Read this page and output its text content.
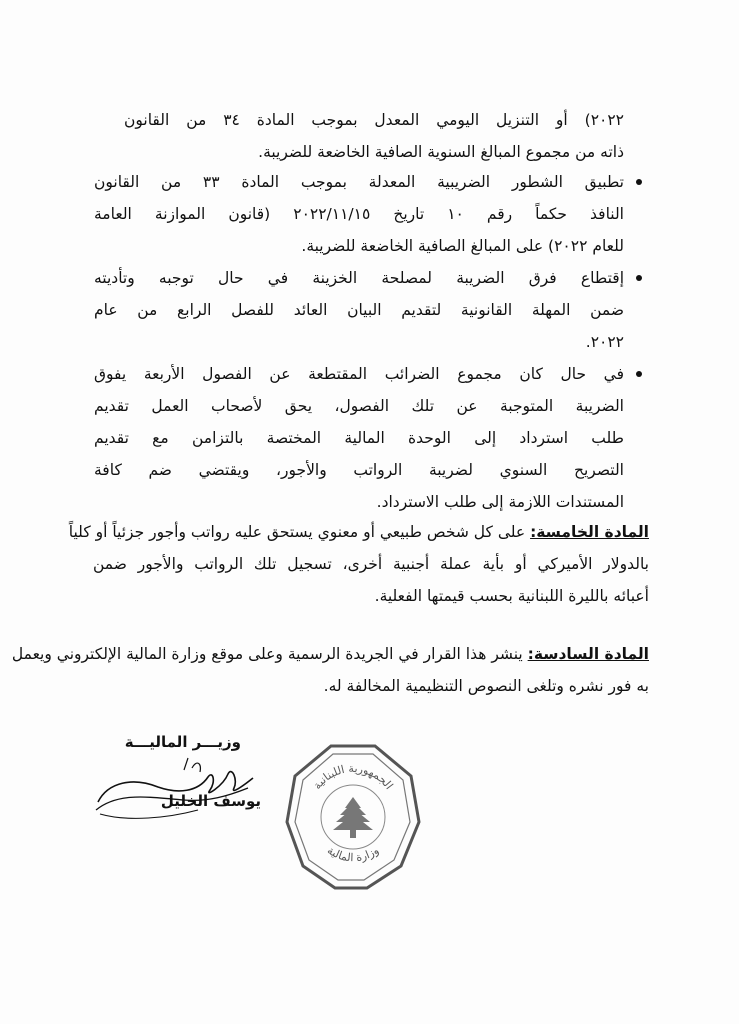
٢٠٢٢) أو التنزيل اليومي المعدل بموجب المادة ٣٤ من القانون
ذاته من مجموع المبالغ السنوية الصافية الخاضعة للضريبة.
تطبيق الشطور الضريبية المعدلة بموجب المادة ٣٣ من القانون
النافذ حكماً رقم ١٠ تاريخ ٢٠٢٢/١١/١٥ (قانون الموازنة العامة
للعام ٢٠٢٢) على المبالغ الصافية الخاضعة للضريبة.
إقتطاع فرق الضريبة لمصلحة الخزينة في حال توجبه وتأديته
ضمن المهلة القانونية لتقديم البيان العائد للفصل الرابع من عام
٢٠٢٢.
في حال كان مجموع الضرائب المقتطعة عن الفصول الأربعة يفوق
الضريبة المتوجبة عن تلك الفصول، يحق لأصحاب العمل تقديم
طلب استرداد إلى الوحدة المالية المختصة بالتزامن مع تقديم
التصريح السنوي لضريبة الرواتب والأجور، ويقتضي ضم كافة
المستندات اللازمة إلى طلب الاسترداد.
المادة الخامسة: على كل شخص طبيعي أو معنوي يستحق عليه رواتب وأجور جزئياً أو كلياً
بالدولار الأميركي أو بأية عملة أجنبية أخرى، تسجيل تلك الرواتب والأجور ضمن
أعبائه بالليرة اللبنانية بحسب قيمتها الفعلية.
المادة السادسة: ينشر هذا القرار في الجريدة الرسمية وعلى موقع وزارة المالية الإلكتروني ويعمل
به فور نشره وتلغى النصوص التنظيمية المخالفة له.
وزيـــر الماليـــة
يوسف الخليل
الجمهورية اللبنانية
وزارة المالية
